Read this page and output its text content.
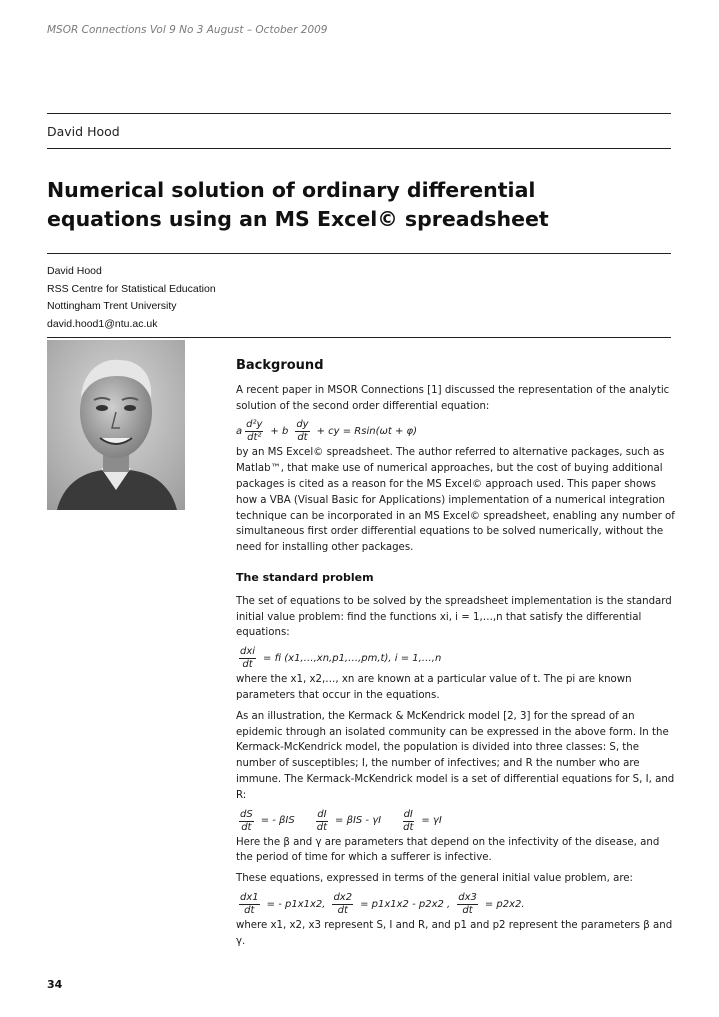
MSOR Connections Vol 9 No 3 August – October 2009
David Hood
Numerical solution of ordinary differential
equations using an MS Excel© spreadsheet
David Hood
RSS Centre for Statistical Education
Nottingham Trent University
david.hood1@ntu.ac.uk
Background

A recent paper in MSOR Connections [1] discussed the representation of the analytic solution of the second order differential equation:

a $\frac{\text{d²y}}{\text{dt²}} + b \frac{dy}{dt}$ + cy = Rsin(ωt + φ)

by an MS Excel© spreadsheet. The author referred to alternative packages, such as Matlab™, that make use of numerical approaches, but the cost of buying additional packages is cited as a reason for the MS Excel© approach used. This paper shows how a VBA (Visual Basic for Applications) implementation of a numerical integration technique can be incorporated in an MS Excel© spreadsheet, enabling any number of simultaneous first order differential equations to be solved numerically, without the need for installing other packages.

The standard problem

The set of equations to be solved by the spreadsheet implementation is the standard initial value problem: find the functions xi, i = 1,…,n that satisfy the differential equations:

$\frac{\text{dxi}}{dt}$ = fi (x1,…,xn,p1,…,pm,t), i = 1,…,n

where the x1, x2,…, xn are known at a particular value of t. The pi are known parameters that occur in the equations.

As an illustration, the Kermack & McKendrick model [2, 3] for the spread of an epidemic through an isolated community can be expressed in the above form. In the Kermack-McKendrick model, the population is divided into three classes: S, the number of susceptibles; I, the number of infectives; and R the number who are immune. The Kermack-McKendrick model is a set of differential equations for S, I, and R:

$\frac{dS}{dt}$ = - βIS $\frac{dI}{dt} = \beta IS - \gamma I \frac{dI}{dt} = \gamma I$

Here the β and γ are parameters that depend on the infectivity of the disease, and the period of time for which a sufferer is infective.

These equations, expressed in terms of the general initial value problem, are:

$\frac{dx1}{dt}$ = - p1x1x2, $\frac{dx2}{dt} = p1x1x2 - p2x2$ , $\frac{dx3}{dt} = p2x2$.

where x1, x2, x3 represent S, I and R, and p1 and p2 represent the parameters β and γ.

34
